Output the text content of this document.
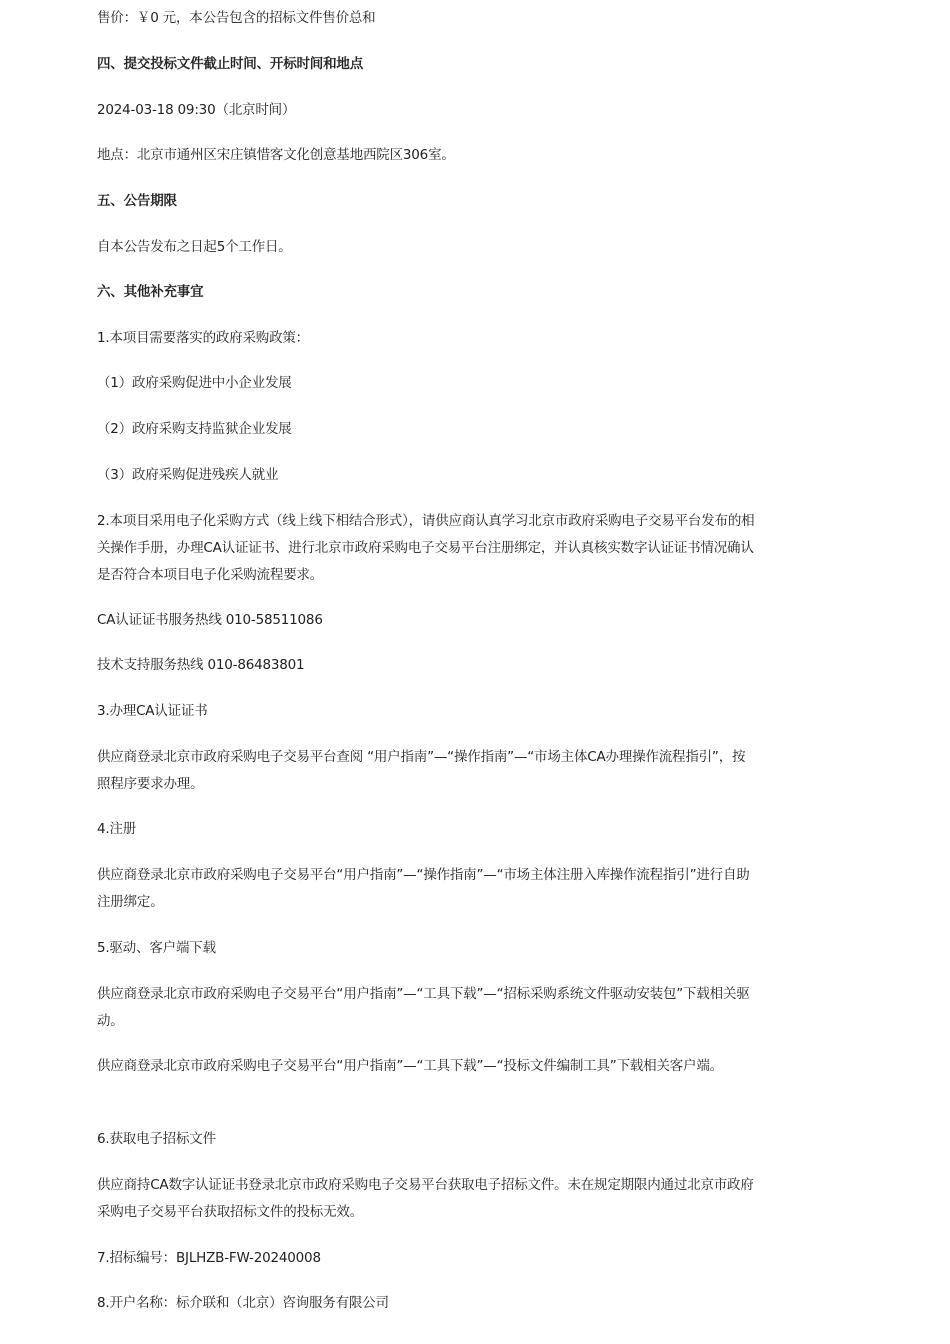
售价：￥0 元，本公告包含的招标文件售价总和

四、提交投标文件截止时间、开标时间和地点

2024-03-18 09:30（北京时间）

地点：北京市通州区宋庄镇惜客文化创意基地西院区306室。

五、公告期限

自本公告发布之日起5个工作日。

六、其他补充事宜

1.本项目需要落实的政府采购政策：

（1）政府采购促进中小企业发展

（2）政府采购支持监狱企业发展

（3）政府采购促进残疾人就业

2.本项目采用电子化采购方式（线上线下相结合形式），请供应商认真学习北京市政府采购电子交易平台发布的相关操作手册，办理CA认证证书、进行北京市政府采购电子交易平台注册绑定，并认真核实数字认证证书情况确认是否符合本项目电子化采购流程要求。

CA认证证书服务热线 010-58511086

技术支持服务热线 010-86483801

3.办理CA认证证书

供应商登录北京市政府采购电子交易平台查阅 “用户指南”—“操作指南”—“市场主体CA办理操作流程指引”，按照程序要求办理。

4.注册

供应商登录北京市政府采购电子交易平台“用户指南”—“操作指南”—“市场主体注册入库操作流程指引”进行自助注册绑定。

5.驱动、客户端下载

供应商登录北京市政府采购电子交易平台“用户指南”—“工具下载”—“招标采购系统文件驱动安装包”下载相关驱动。

供应商登录北京市政府采购电子交易平台“用户指南”—“工具下载”—“投标文件编制工具”下载相关客户端。

6.获取电子招标文件

供应商持CA数字认证证书登录北京市政府采购电子交易平台获取电子招标文件。未在规定期限内通过北京市政府采购电子交易平台获取招标文件的投标无效。

7.招标编号：BJLHZB-FW-20240008

8.开户名称：标介联和（北京）咨询服务有限公司
